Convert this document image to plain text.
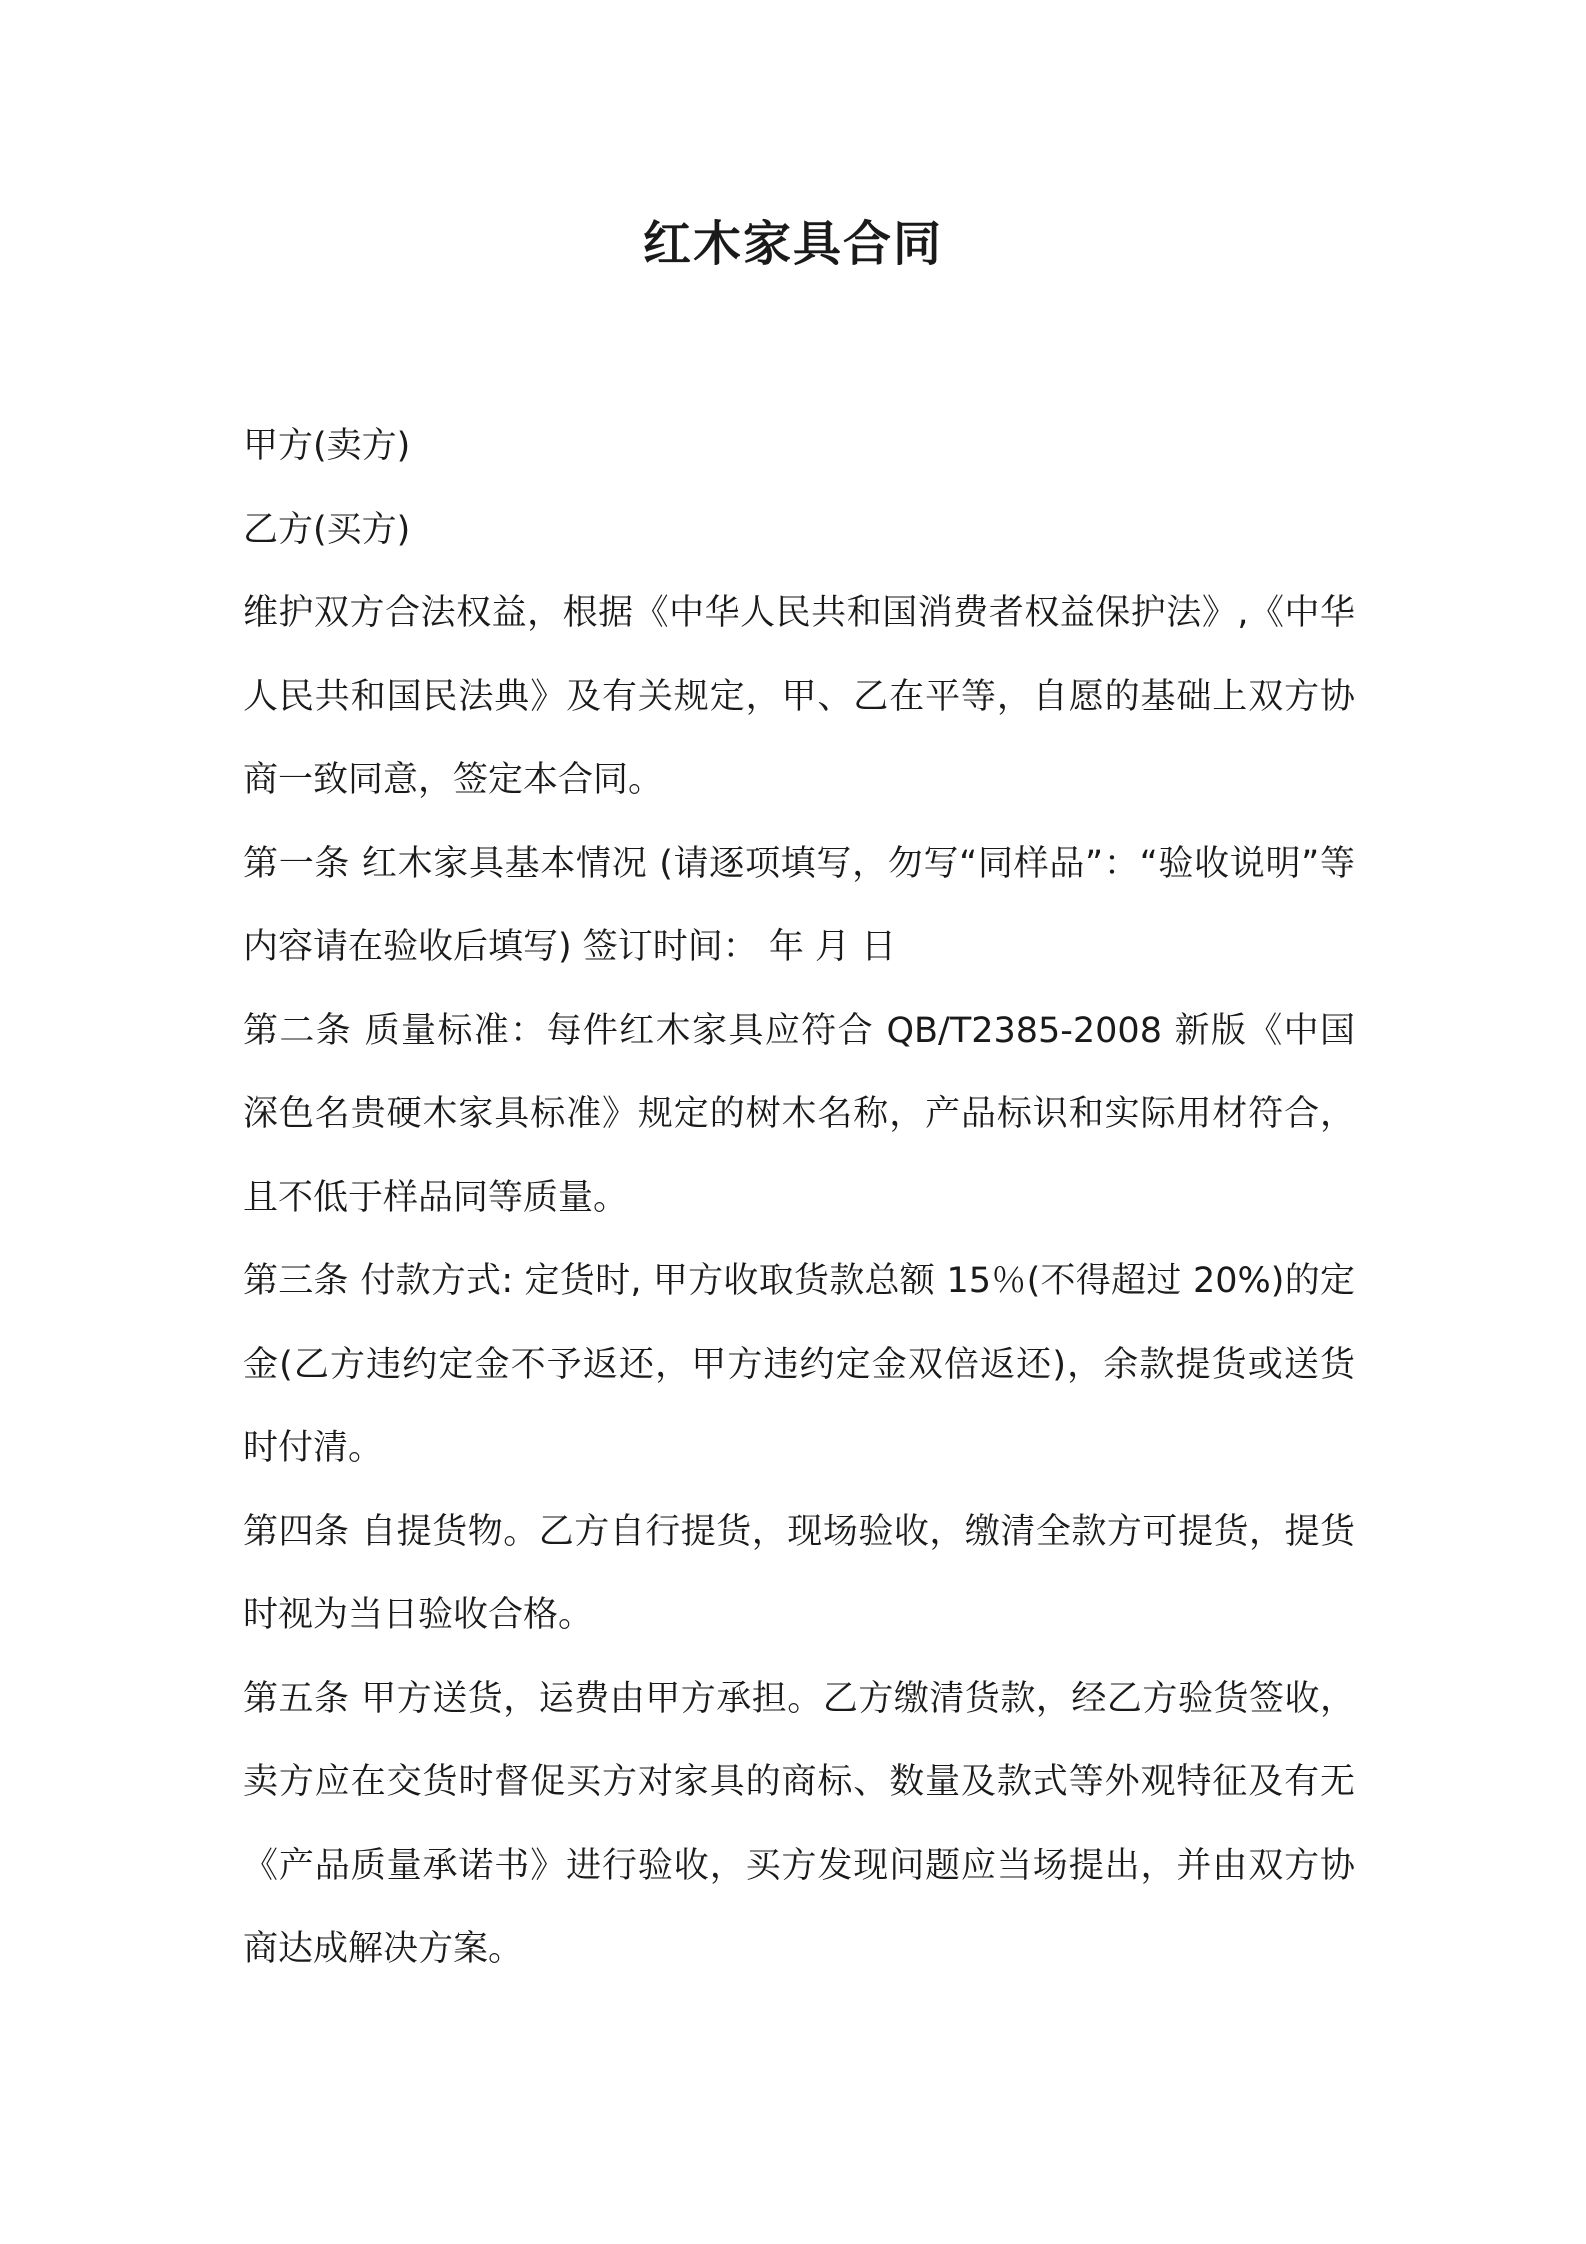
红木家具合同

甲方(卖方)

乙方(买方)

维护双方合法权益，根据《中华人民共和国消费者权益保护法》,《中华人民共和国民法典》及有关规定，甲、乙在平等，自愿的基础上双方协商一致同意，签定本合同。

第一条 红木家具基本情况 (请逐项填写，勿写“同样品”：“验收说明”等内容请在验收后填写) 签订时间： 年 月 日

第二条 质量标准：每件红木家具应符合 QB/T2385-2008 新版《中国深色名贵硬木家具标准》规定的树木名称，产品标识和实际用材符合，且不低于样品同等质量。

第三条 付款方式: 定货时, 甲方收取货款总额 15％(不得超过 20%)的定金(乙方违约定金不予返还，甲方违约定金双倍返还)，余款提货或送货时付清。

第四条 自提货物。乙方自行提货，现场验收，缴清全款方可提货，提货时视为当日验收合格。

第五条 甲方送货，运费由甲方承担。乙方缴清货款，经乙方验货签收，卖方应在交货时督促买方对家具的商标、数量及款式等外观特征及有无《产品质量承诺书》进行验收，买方发现问题应当场提出，并由双方协商达成解决方案。
